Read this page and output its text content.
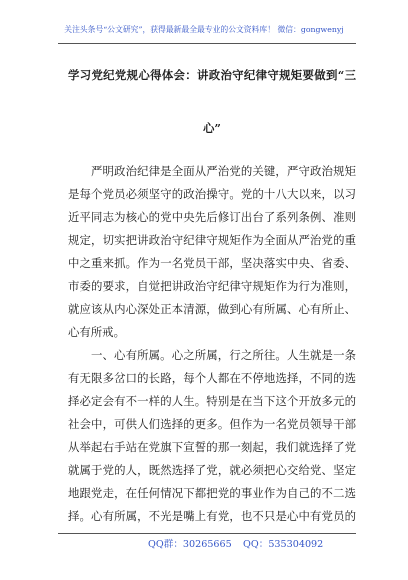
关注头条号“公文研究”，获得最新最全最专业的公文资料库！ 微信：gongwenyj
学习党纪党规心得体会：讲政治守纪律守规矩要做到“三
心”
严明政治纪律是全面从严治党的关键，严守政治规矩
是每个党员必须坚守的政治操守。党的十八大以来，以习
近平同志为核心的党中央先后修订出台了系列条例、准则
规定，切实把讲政治守纪律守规矩作为全面从严治党的重
中之重来抓。作为一名党员干部，坚决落实中央、省委、
市委的要求，自觉把讲政治守纪律守规矩作为行为准则，
就应该从内心深处正本清源，做到心有所属、心有所止、
心有所戒。
一、心有所属。心之所属，行之所往。人生就是一条
有无限多岔口的长路，每个人都在不停地选择，不同的选
择必定会有不一样的人生。特别是在当下这个开放多元的
社会中，可供人们选择的更多。但作为一名党员领导干部
从举起右手站在党旗下宣誓的那一刻起，我们就选择了党
就属于党的人，既然选择了党，就必须把心交给党、坚定
地跟党走，在任何情况下都把党的事业作为自己的不二选
择。心有所属，不光是嘴上有党，也不只是心中有党员的
QQ群：30265665 QQ：535304092
